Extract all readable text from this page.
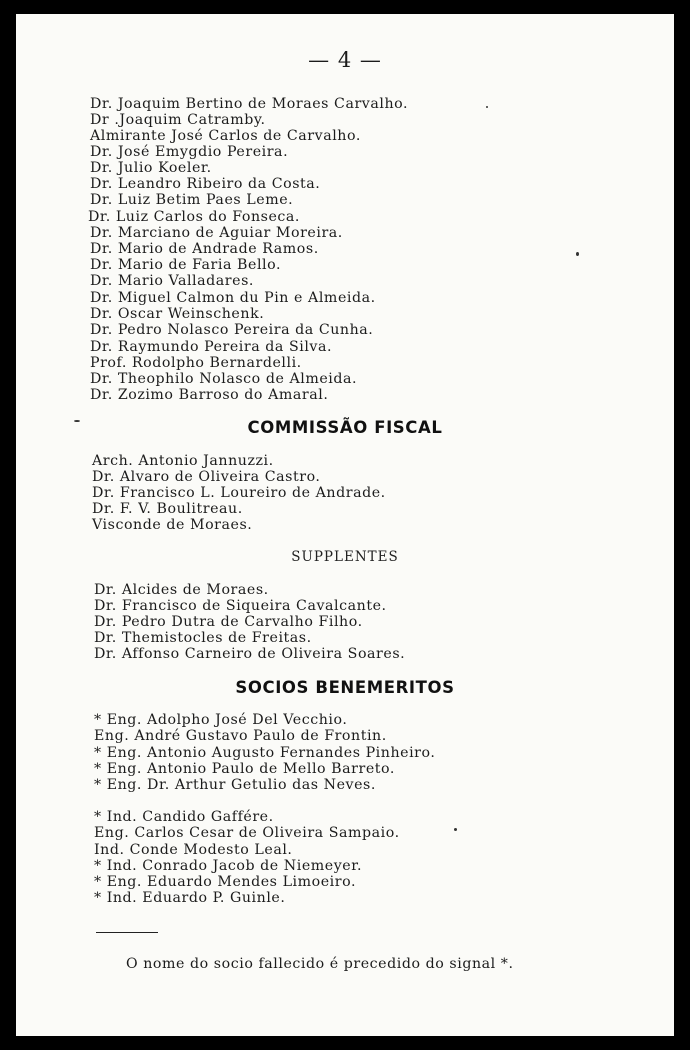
— 4 —
Dr. Joaquim Bertino de Moraes Carvalho.
Dr .Joaquim Catramby.
Almirante José Carlos de Carvalho.
Dr. José Emygdio Pereira.
Dr. Julio Koeler.
Dr. Leandro Ribeiro da Costa.
Dr. Luiz Betim Paes Leme.
Dr. Luiz Carlos do Fonseca.
Dr. Marciano de Aguiar Moreira.
Dr. Mario de Andrade Ramos.
Dr. Mario de Faria Bello.
Dr. Mario Valladares.
Dr. Miguel Calmon du Pin e Almeida.
Dr. Oscar Weinschenk.
Dr. Pedro Nolasco Pereira da Cunha.
Dr. Raymundo Pereira da Silva.
Prof. Rodolpho Bernardelli.
Dr. Theophilo Nolasco de Almeida.
Dr. Zozimo Barroso do Amaral.
COMMISSÃO FISCAL
Arch. Antonio Jannuzzi.
Dr. Alvaro de Oliveira Castro.
Dr. Francisco L. Loureiro de Andrade.
Dr. F. V. Boulitreau.
Visconde de Moraes.
SUPPLENTES
Dr. Alcides de Moraes.
Dr. Francisco de Siqueira Cavalcante.
Dr. Pedro Dutra de Carvalho Filho.
Dr. Themistocles de Freitas.
Dr. Affonso Carneiro de Oliveira Soares.
SOCIOS BENEMERITOS
* Eng. Adolpho José Del Vecchio.
Eng. André Gustavo Paulo de Frontin.
* Eng. Antonio Augusto Fernandes Pinheiro.
* Eng. Antonio Paulo de Mello Barreto.
* Eng. Dr. Arthur Getulio das Neves.
* Ind. Candido Gaffére.
Eng. Carlos Cesar de Oliveira Sampaio.
Ind. Conde Modesto Leal.
* Ind. Conrado Jacob de Niemeyer.
* Eng. Eduardo Mendes Limoeiro.
* Ind. Eduardo P. Guinle.
O nome do socio fallecido é precedido do signal *.
